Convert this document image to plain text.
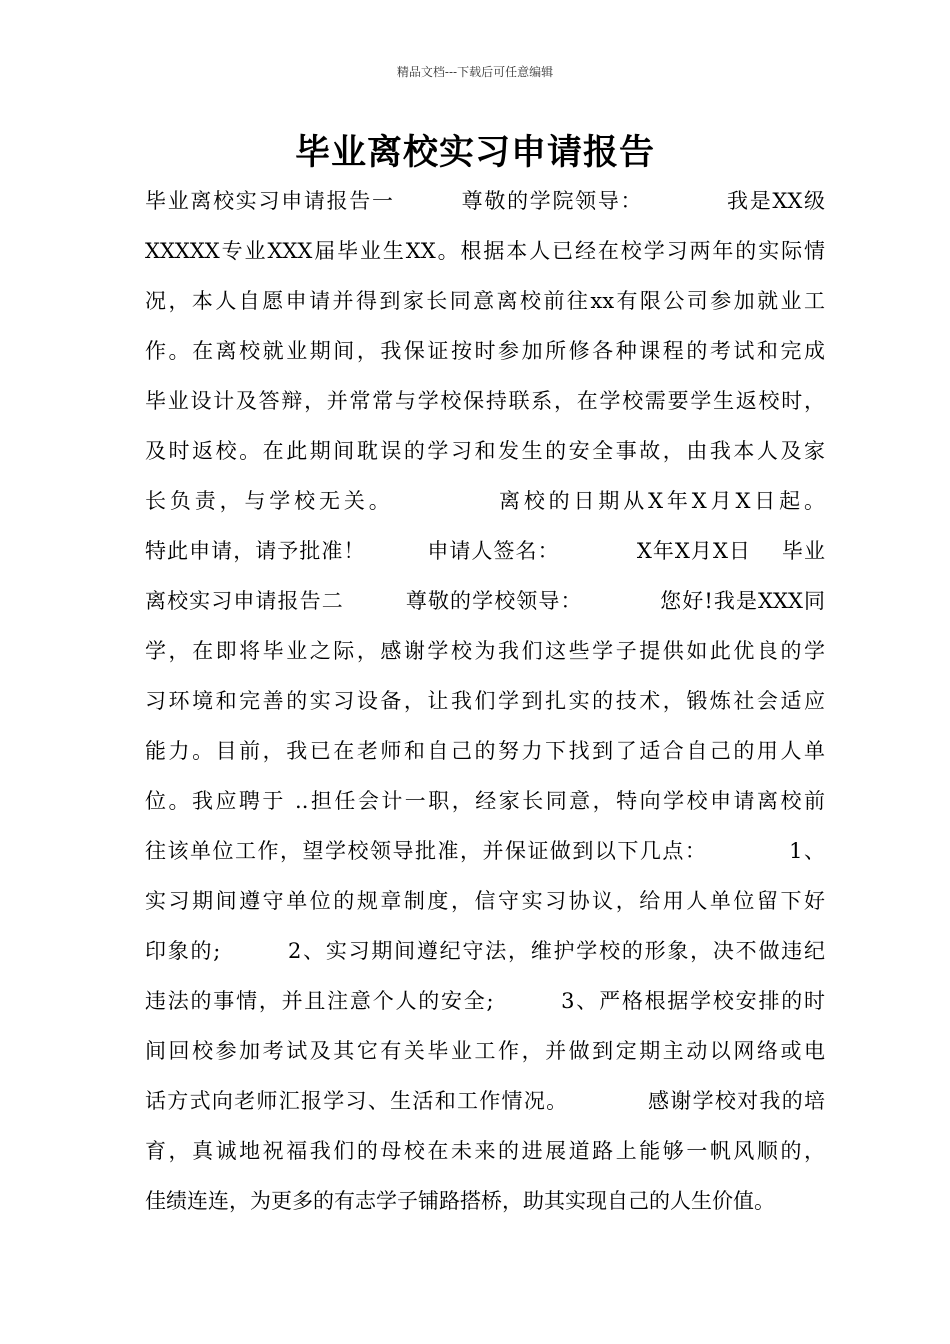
精品文档---下载后可任意编辑
毕业离校实习申请报告
毕业离校实习申请报告一        尊敬的学院领导：          我是XX级
XXXXX专业XXX届毕业生XX。根据本人已经在校学习两年的实际情
况，本人自愿申请并得到家长同意离校前往xx有限公司参加就业工
作。在离校就业期间，我保证按时参加所修各种课程的考试和完成
毕业设计及答辩，并常常与学校保持联系，在学校需要学生返校时，
及时返校。在此期间耽误的学习和发生的安全事故，由我本人及家
长负责，与学校无关。          离校的日期从X年X月X日起。
特此申请，请予批准！        申请人签名：          X年X月X日    毕业
离校实习申请报告二        尊敬的学校领导：          您好!我是XXX同
学，在即将毕业之际，感谢学校为我们这些学子提供如此优良的学
习环境和完善的实习设备，让我们学到扎实的技术，锻炼社会适应
能力。目前，我已在老师和自己的努力下找到了适合自己的用人单
位。我应聘于 ..担任会计一职，经家长同意，特向学校申请离校前
往该单位工作，望学校领导批准，并保证做到以下几点：          1、
实习期间遵守单位的规章制度，信守实习协议，给用人单位留下好
印象的;        2、实习期间遵纪守法，维护学校的形象，决不做违纪
违法的事情，并且注意个人的安全;        3、严格根据学校安排的时
间回校参加考试及其它有关毕业工作，并做到定期主动以网络或电
话方式向老师汇报学习、生活和工作情况。          感谢学校对我的培
育，真诚地祝福我们的母校在未来的进展道路上能够一帆风顺的，
佳绩连连，为更多的有志学子铺路搭桥，助其实现自己的人生价值。
